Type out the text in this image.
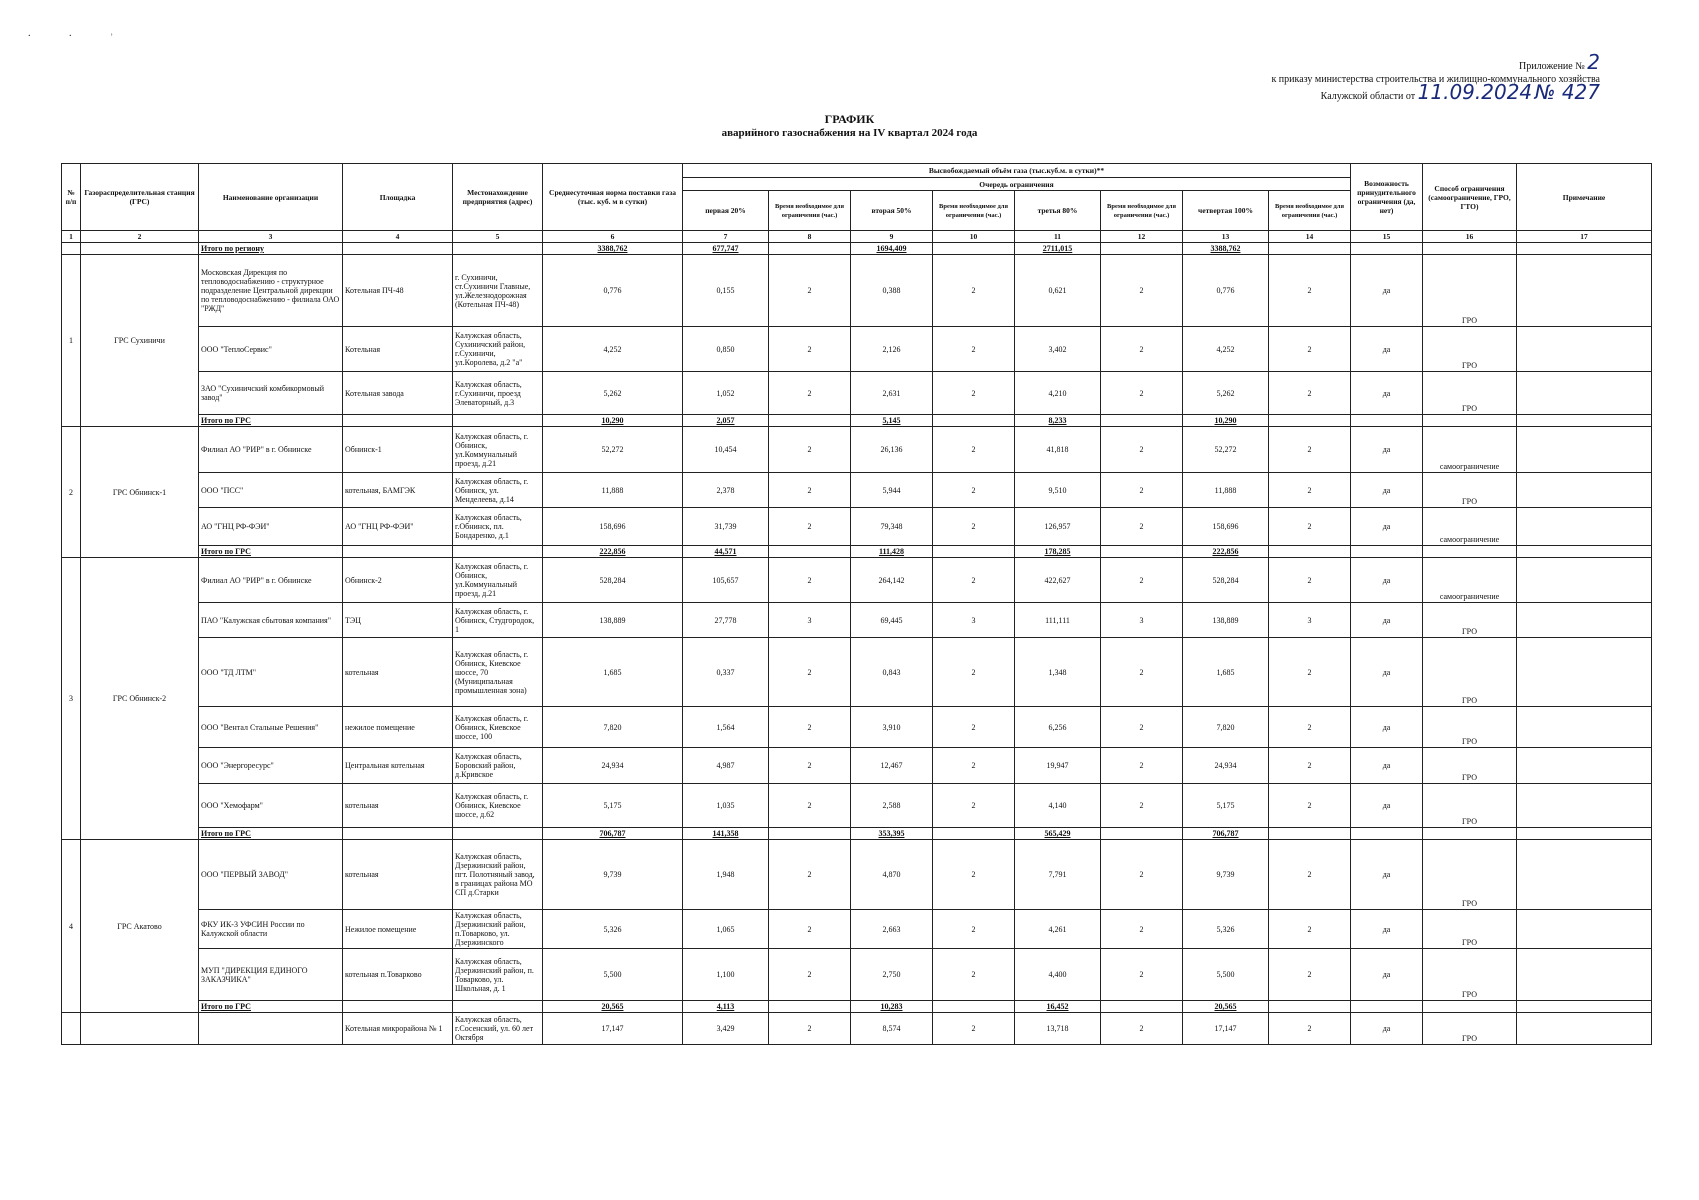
. . ˒
Приложение № 2
к приказу министерства строительства и жилищно-коммунального хозяйства
Калужской области от 11.09.2024 № 427
ГРАФИК
аварийного газоснабжения на IV квартал 2024 года
№ п/п	Газораспределительная станция (ГРС)	Наименование организации	Площадка	Местонахождение предприятия (адрес)	Среднесуточная норма поставки газа (тыс. куб. м в сутки)	Высвобождаемый объём газа (тыс.куб.м. в сутки)**								Возможность принудительного ограничения (да, нет)	Способ ограничения (самоограничение, ГРО, ГТО)	Примечание
						Очередь ограничения										
						первая 20%	Время необходимое для ограничения (час.)	вторая 50%	Время необходимое для ограничения (час.)	третья 80%	Время необходимое для ограничения (час.)	четвертая 100%	Время необходимое для ограничения (час.)			
1	2	3	4	5	6	7	8	9	10	11	12	13	14	15	16	17
		Итого по региону			3388,762	677,747		1694,409		2711,015		3388,762				
1	ГРС Сухиничи	Московская Дирекция по тепловодоснабжению - структурное подразделение Центральной дирекции по тепловодоснабжению - филиала ОАО "РЖД"	Котельная ПЧ-48	г. Сухиничи, ст.Сухиничи Главные, ул.Железнодорожная (Котельная ПЧ-48)	0,776	0,155	2	0,388	2	0,621	2	0,776	2	да	ГРО	
		ООО "ТеплоСервис"	Котельная	Калужская область, Сухиничский район, г.Сухиничи, ул.Королева, д.2 "а"	4,252	0,850	2	2,126	2	3,402	2	4,252	2	да	ГРО	
		ЗАО "Сухиничский комбикормовый завод"	Котельная завода	Калужская область, г.Сухиничи, проезд Элеваторный, д.3	5,262	1,052	2	2,631	2	4,210	2	5,262	2	да	ГРО	
		Итого по ГРС			10,290	2,057		5,145		8,233		10,290				
2	ГРС Обнинск-1	Филиал АО "РИР" в г. Обнинске	Обнинск-1	Калужская область, г. Обнинск, ул.Коммунальный проезд, д.21	52,272	10,454	2	26,136	2	41,818	2	52,272	2	да	самоограничение	
		ООО "ПСС"	котельная, БАМГЭК	Калужская область, г. Обнинск, ул. Менделеева, д.14	11,888	2,378	2	5,944	2	9,510	2	11,888	2	да	ГРО	
		АО "ГНЦ РФ-ФЭИ"	АО "ГНЦ РФ-ФЭИ"	Калужская область, г.Обнинск, пл. Бондаренко, д.1	158,696	31,739	2	79,348	2	126,957	2	158,696	2	да	самоограничение	
		Итого по ГРС			222,856	44,571		111,428		178,285		222,856				
3	ГРС Обнинск-2	Филиал АО "РИР" в г. Обнинске	Обнинск-2	Калужская область, г. Обнинск, ул.Коммунальный проезд, д.21	528,284	105,657	2	264,142	2	422,627	2	528,284	2	да	самоограничение	
		ПАО "Калужская сбытовая компания"	ТЭЦ	Калужская область, г. Обнинск, Студгородок, 1	138,889	27,778	3	69,445	3	111,111	3	138,889	3	да	ГРО	
		ООО "ТД ЛТМ"	котельная	Калужская область, г. Обнинск, Киевское шоссе, 70 (Муниципальная промышленная зона)	1,685	0,337	2	0,843	2	1,348	2	1,685	2	да	ГРО	
		ООО "Вентал Стальные Решения"	нежилое помещение	Калужская область, г. Обнинск, Киевское шоссе, 100	7,820	1,564	2	3,910	2	6,256	2	7,820	2	да	ГРО	
		ООО "Энергоресурс"	Центральная котельная	Калужская область, Боровский район, д.Кривское	24,934	4,987	2	12,467	2	19,947	2	24,934	2	да	ГРО	
		ООО "Хемофарм"	котельная	Калужская область, г. Обнинск, Киевское шоссе, д.62	5,175	1,035	2	2,588	2	4,140	2	5,175	2	да	ГРО	
		Итого по ГРС			706,787	141,358		353,395		565,429		706,787				
4	ГРС Акатово	ООО "ПЕРВЫЙ ЗАВОД"	котельная	Калужская область, Дзержинский район, пгт. Полотняный завод, в границах района МО СП д.Старки	9,739	1,948	2	4,870	2	7,791	2	9,739	2	да	ГРО	
		ФКУ ИК-3 УФСИН России по Калужской области	Нежилое помещение	Калужская область, Дзержинский район, п.Товарково, ул. Дзержинского	5,326	1,065	2	2,663	2	4,261	2	5,326	2	да	ГРО	
		МУП "ДИРЕКЦИЯ ЕДИНОГО ЗАКАЗЧИКА"	котельная п.Товарково	Калужская область, Дзержинский район, п. Товарково, ул. Школьная, д. 1	5,500	1,100	2	2,750	2	4,400	2	5,500	2	да	ГРО	
		Итого по ГРС			20,565	4,113		10,283		16,452		20,565				
			Котельная микрорайона № 1	Калужская область, г.Сосенский, ул. 60 лет Октября	17,147	3,429	2	8,574	2	13,718	2	17,147	2	да	ГРО	
